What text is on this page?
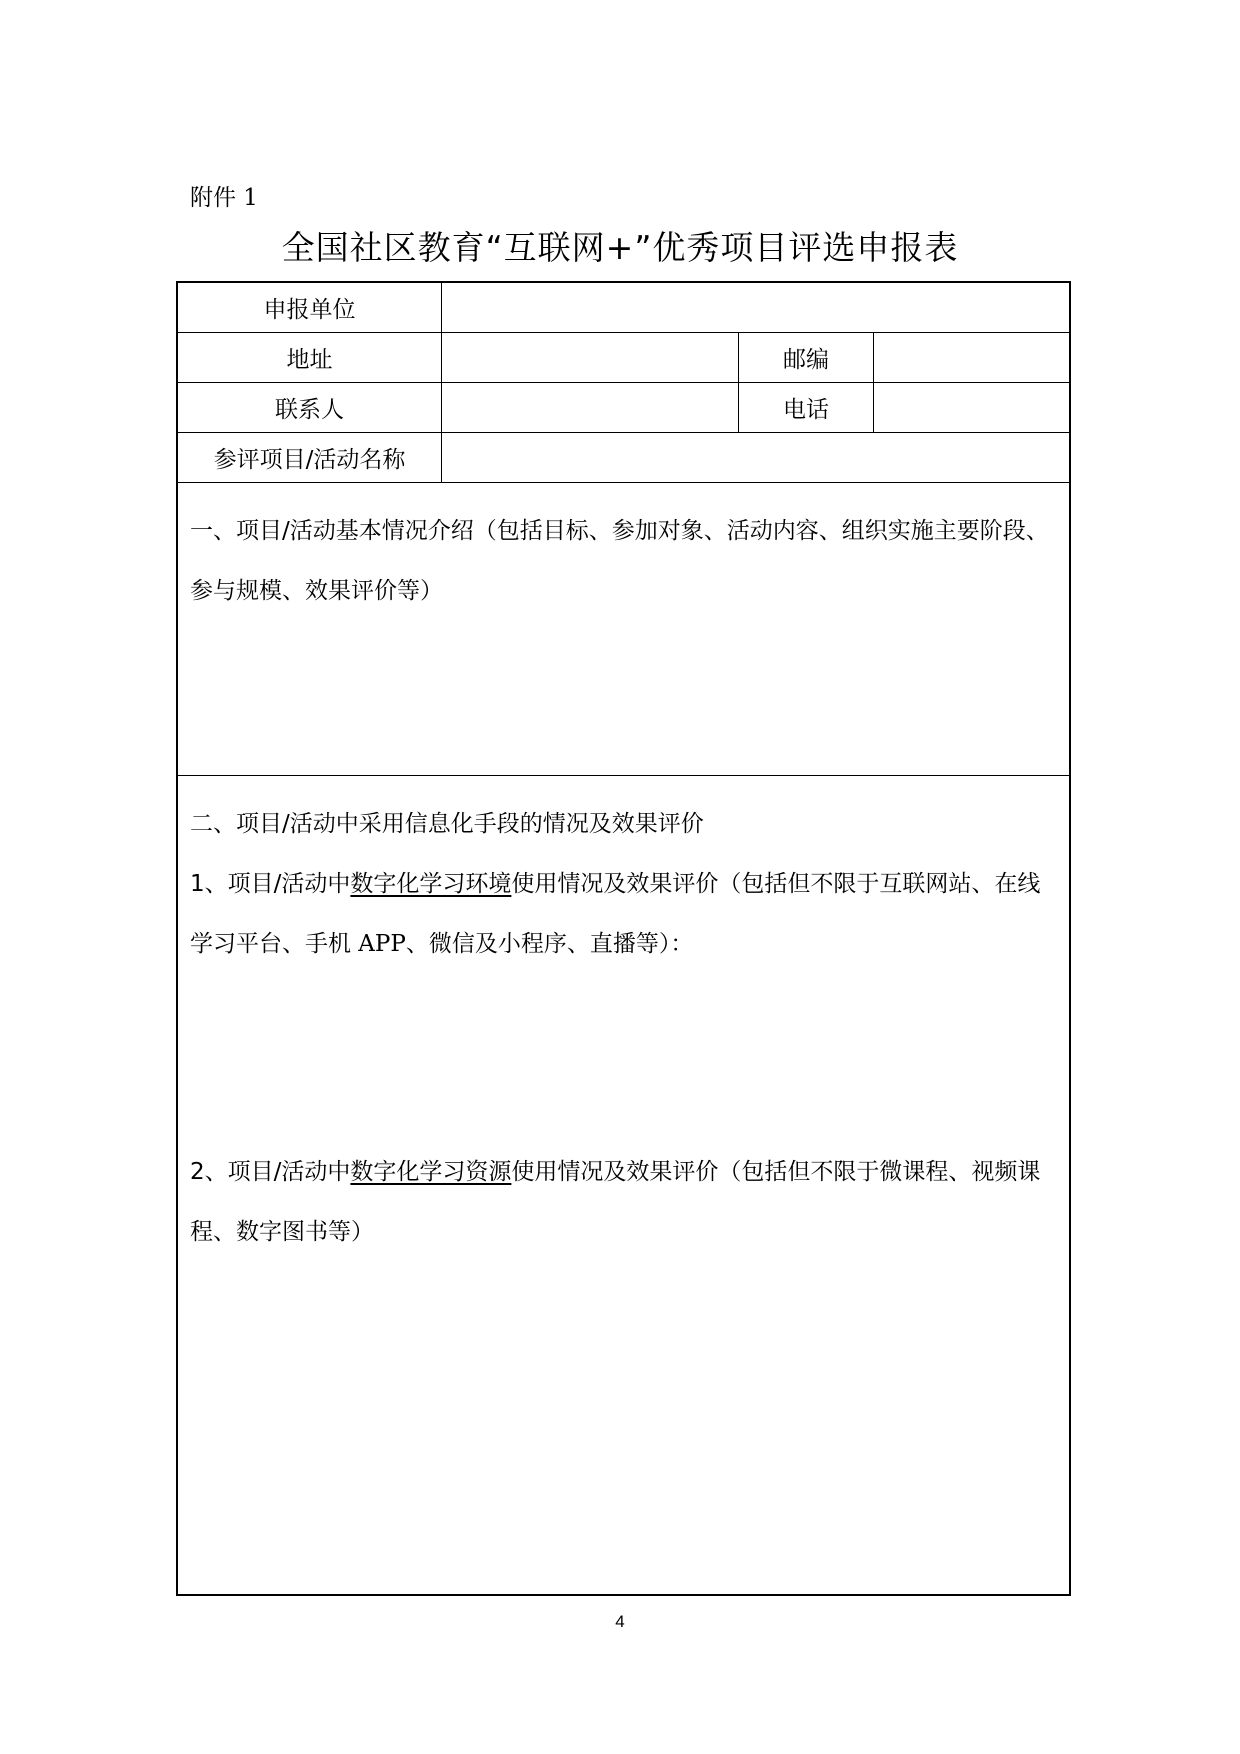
附件 1
全国社区教育“互联网+”优秀项目评选申报表
申报单位
地址	邮编
联系人	电话
参评项目/活动名称

一、项目/活动基本情况介绍（包括目标、参加对象、活动内容、组织实施主要阶段、参与规模、效果评价等）

二、项目/活动中采用信息化手段的情况及效果评价

1、项目/活动中数字化学习环境使用情况及效果评价（包括但不限于互联网站、在线学习平台、手机 APP、微信及小程序、直播等）：

2、项目/活动中数字化学习资源使用情况及效果评价（包括但不限于微课程、视频课程、数字图书等）

4
